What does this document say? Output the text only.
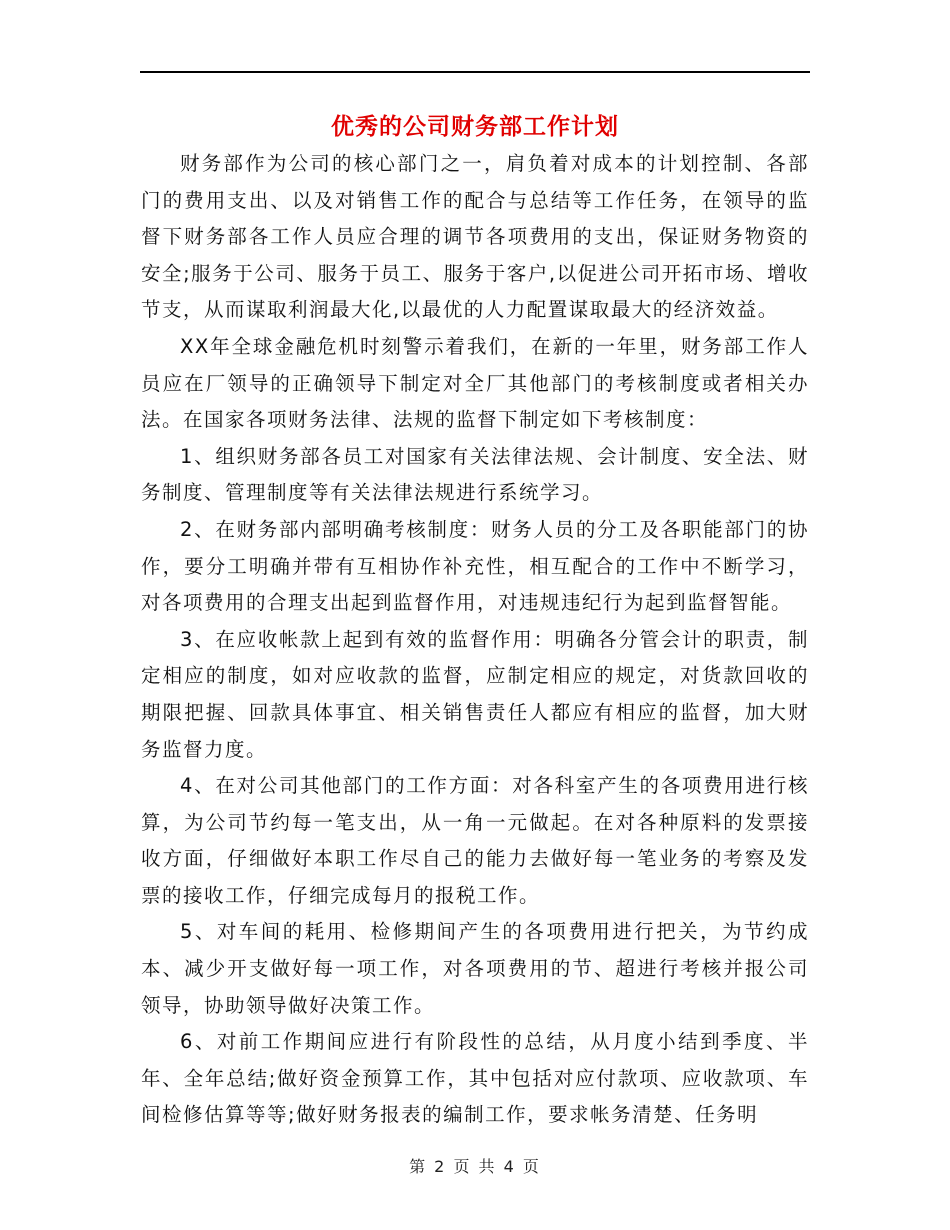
优秀的公司财务部工作计划

财务部作为公司的核心部门之一，肩负着对成本的计划控制、各部门的费用支出、以及对销售工作的配合与总结等工作任务，在领导的监督下财务部各工作人员应合理的调节各项费用的支出，保证财务物资的安全;服务于公司、服务于员工、服务于客户,以促进公司开拓市场、增收节支，从而谋取利润最大化,以最优的人力配置谋取最大的经济效益。

XX年全球金融危机时刻警示着我们，在新的一年里，财务部工作人员应在厂领导的正确领导下制定对全厂其他部门的考核制度或者相关办法。在国家各项财务法律、法规的监督下制定如下考核制度：

1、组织财务部各员工对国家有关法律法规、会计制度、安全法、财务制度、管理制度等有关法律法规进行系统学习。

2、在财务部内部明确考核制度：财务人员的分工及各职能部门的协作，要分工明确并带有互相协作补充性，相互配合的工作中不断学习，对各项费用的合理支出起到监督作用，对违规违纪行为起到监督智能。

3、在应收帐款上起到有效的监督作用：明确各分管会计的职责，制定相应的制度，如对应收款的监督，应制定相应的规定，对货款回收的期限把握、回款具体事宜、相关销售责任人都应有相应的监督，加大财务监督力度。

4、在对公司其他部门的工作方面：对各科室产生的各项费用进行核算，为公司节约每一笔支出，从一角一元做起。在对各种原料的发票接收方面，仔细做好本职工作尽自己的能力去做好每一笔业务的考察及发票的接收工作，仔细完成每月的报税工作。

5、对车间的耗用、检修期间产生的各项费用进行把关，为节约成本、减少开支做好每一项工作，对各项费用的节、超进行考核并报公司领导，协助领导做好决策工作。

6、对前工作期间应进行有阶段性的总结，从月度小结到季度、半年、全年总结;做好资金预算工作，其中包括对应付款项、应收款项、车间检修估算等等;做好财务报表的编制工作，要求帐务清楚、任务明

第 2 页 共 4 页
